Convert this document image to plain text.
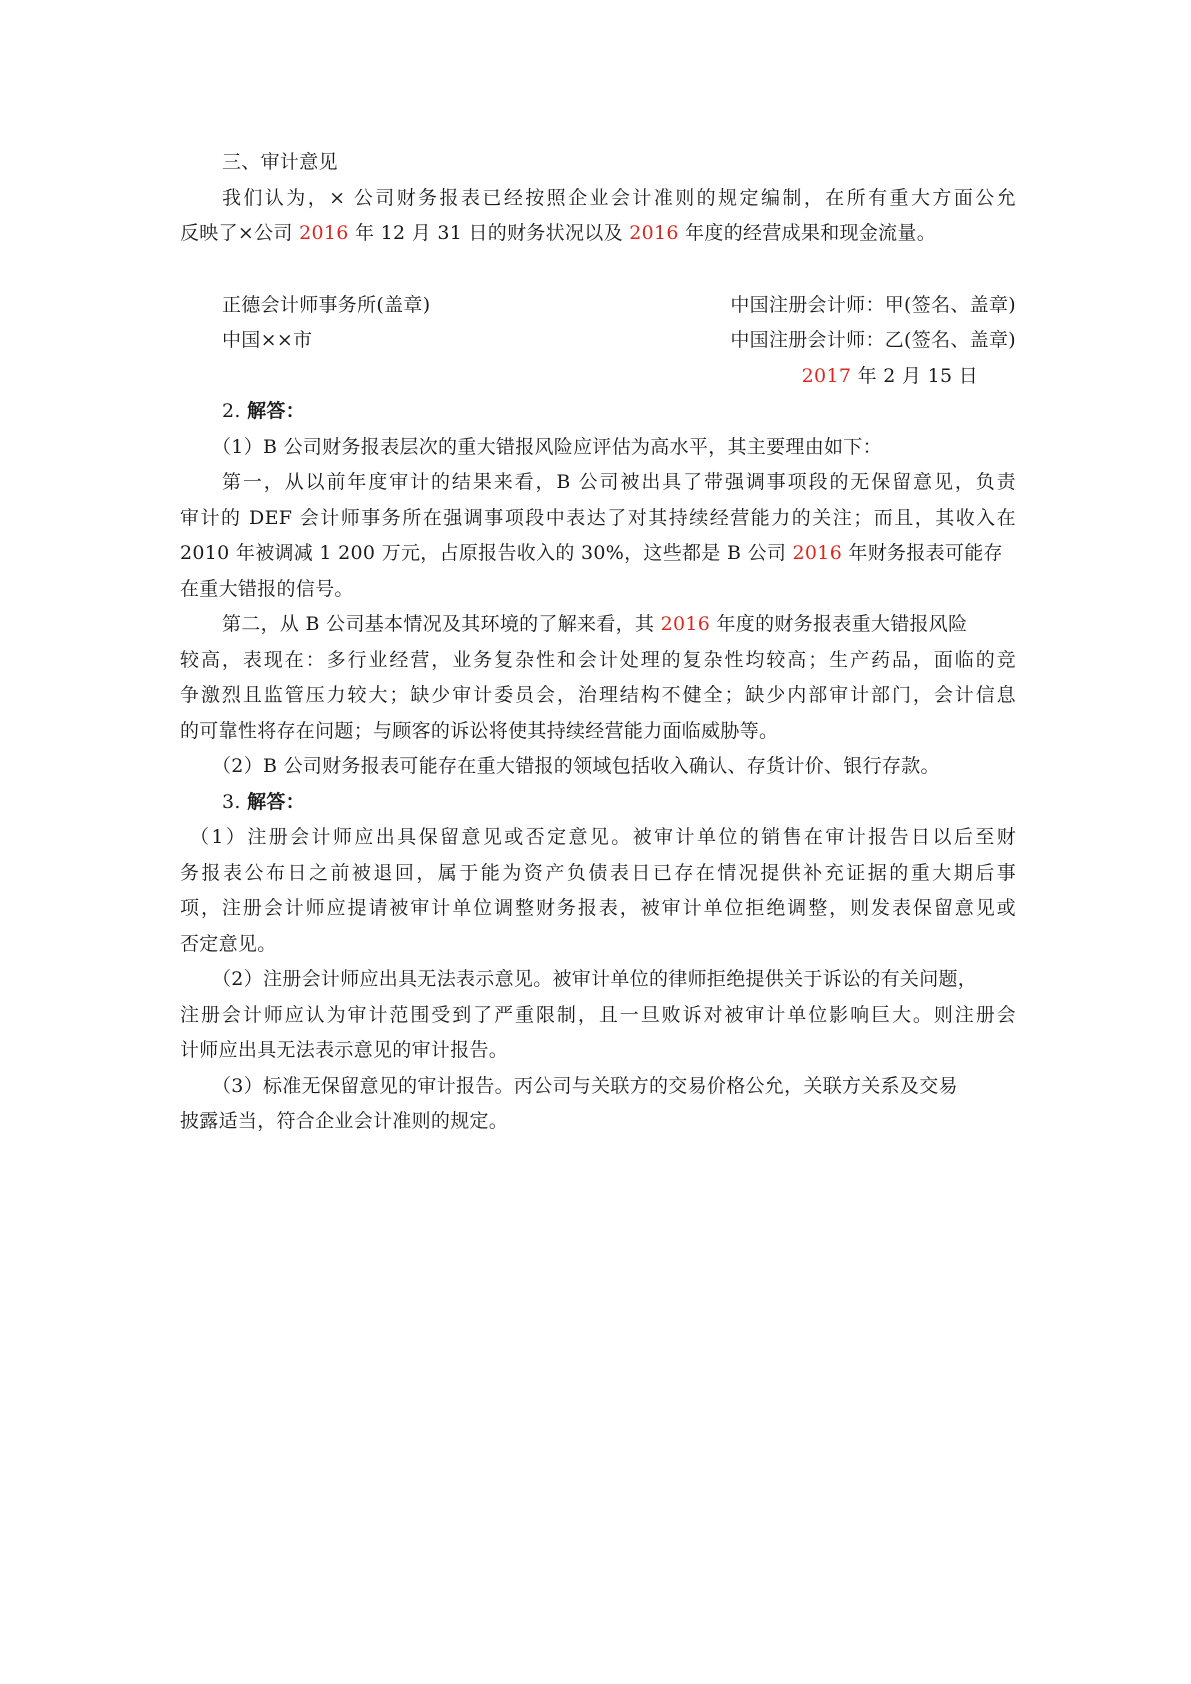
三、审计意见
我们认为，× 公司财务报表已经按照企业会计准则的规定编制，在所有重大方面公允
反映了×公司 2016 年 12 月 31 日的财务状况以及 2016 年度的经营成果和现金流量。
正德会计师事务所(盖章)	中国注册会计师：甲(签名、盖章)
中国××市	中国注册会计师：乙(签名、盖章)
2017 年 2 月 15 日
2. 解答：
（1）B 公司财务报表层次的重大错报风险应评估为高水平，其主要理由如下：
第一，从以前年度审计的结果来看，B 公司被出具了带强调事项段的无保留意见，负责
审计的 DEF 会计师事务所在强调事项段中表达了对其持续经营能力的关注；而且，其收入在
2010 年被调减 1 200 万元，占原报告收入的 30%，这些都是 B 公司 2016 年财务报表可能存
在重大错报的信号。
第二，从 B 公司基本情况及其环境的了解来看，其 2016 年度的财务报表重大错报风险
较高，表现在：多行业经营，业务复杂性和会计处理的复杂性均较高；生产药品，面临的竞
争激烈且监管压力较大；缺少审计委员会，治理结构不健全；缺少内部审计部门，会计信息
的可靠性将存在问题；与顾客的诉讼将使其持续经营能力面临威胁等。
（2）B 公司财务报表可能存在重大错报的领域包括收入确认、存货计价、银行存款。
3. 解答：
（1）注册会计师应出具保留意见或否定意见。被审计单位的销售在审计报告日以后至财
务报表公布日之前被退回，属于能为资产负债表日已存在情况提供补充证据的重大期后事
项，注册会计师应提请被审计单位调整财务报表，被审计单位拒绝调整，则发表保留意见或
否定意见。
（2）注册会计师应出具无法表示意见。被审计单位的律师拒绝提供关于诉讼的有关问题，
注册会计师应认为审计范围受到了严重限制，且一旦败诉对被审计单位影响巨大。则注册会
计师应出具无法表示意见的审计报告。
（3）标准无保留意见的审计报告。丙公司与关联方的交易价格公允，关联方关系及交易
披露适当，符合企业会计准则的规定。
